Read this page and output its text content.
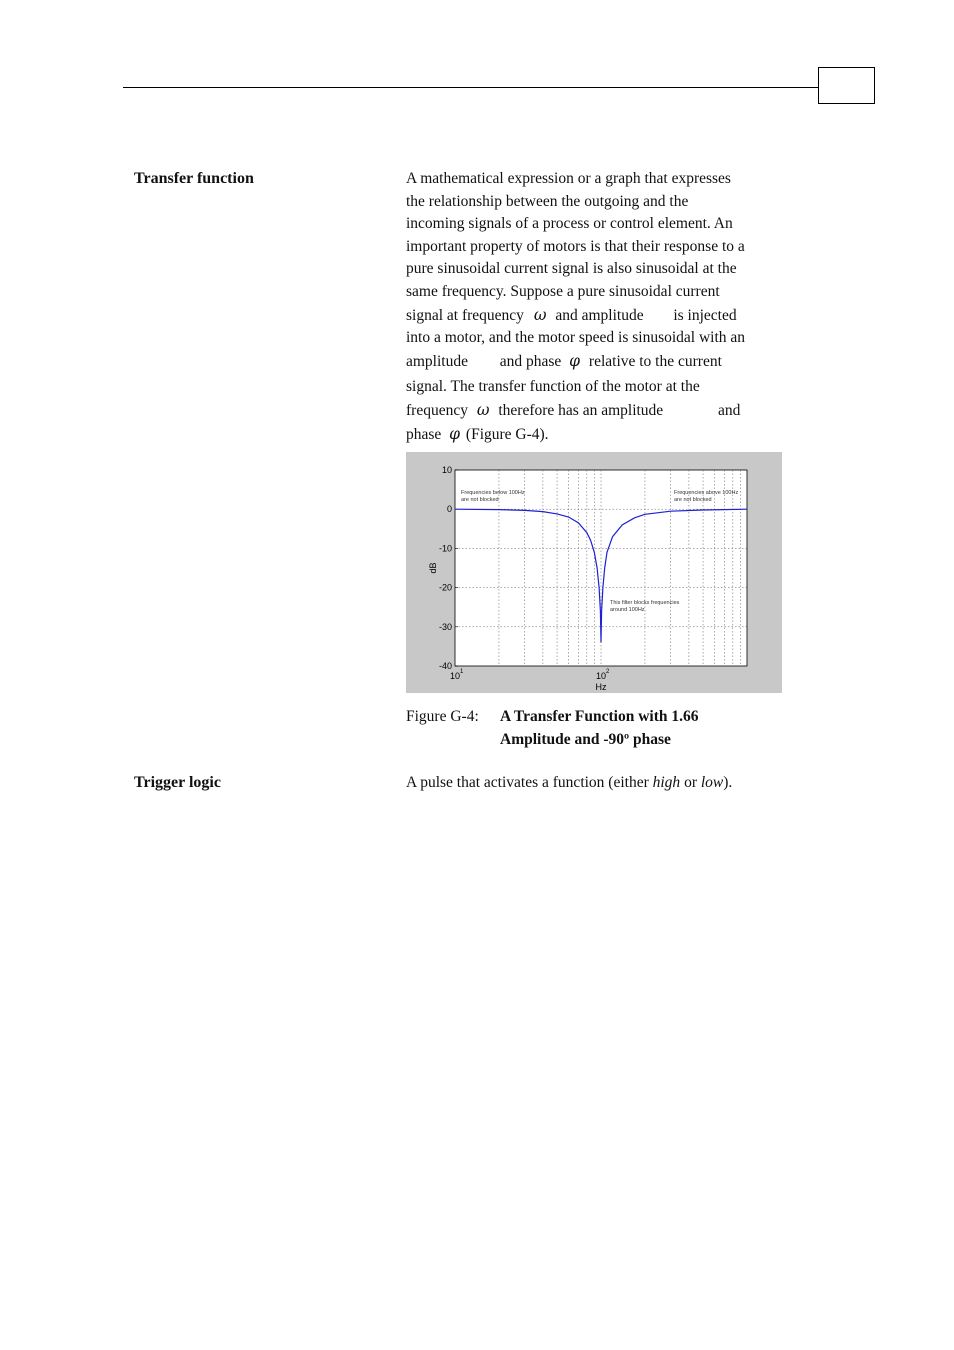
Transfer function	A mathematical expression or a graph that expresses
the relationship between the outgoing and the
incoming signals of a process or control element. An
important property of motors is that their response to a
pure sinusoidal current signal is also sinusoidal at the
same frequency. Suppose a pure sinusoidal current
signal at frequency ω and amplitude is injected
into a motor, and the motor speed is sinusoidal with an
amplitude and phase φ relative to the current
signal. The transfer function of the motor at the
frequency ω therefore has an amplitude	and
phase φ (Figure G-4).
10
0
-10
-20
-30
-40
10 1	10 2
Hz
dB
Frequencies below 100Hz
are not blocked
Frequencies above 100Hz
are not blocked
This filter blocks frequencies
around 100Hz
Figure G-4: A Transfer Function with 1.66
Amplitude and -90º phase
Trigger logic	A pulse that activates a function (either high or low).
